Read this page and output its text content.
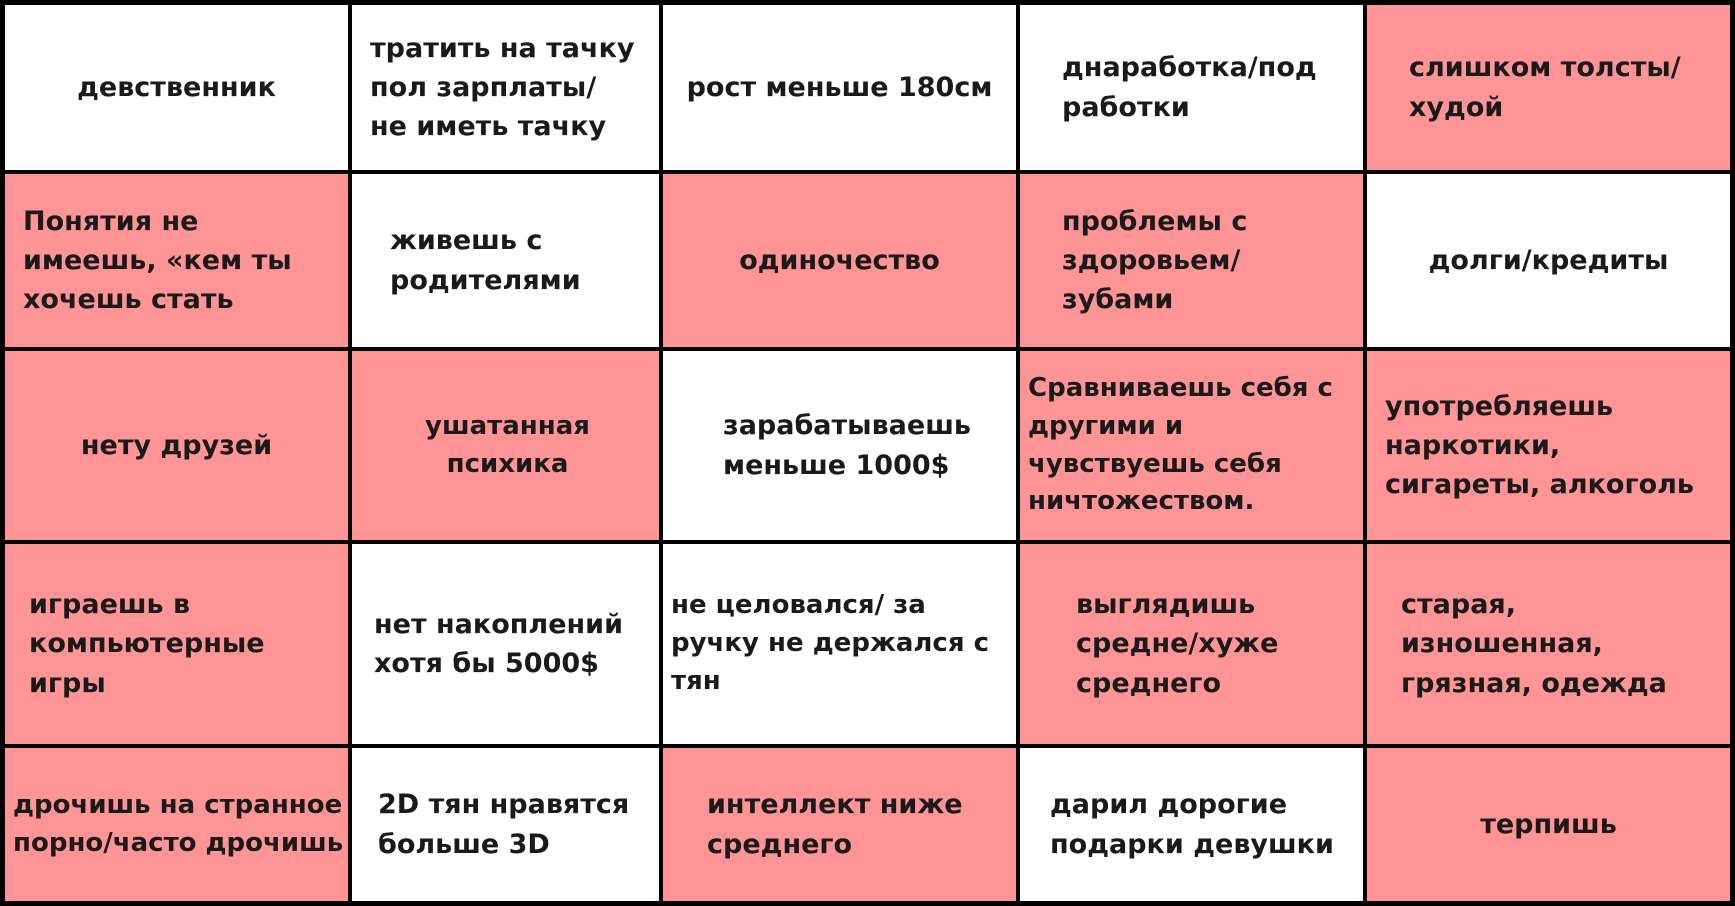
девственник
тратить на тачку пол зарплаты/ не иметь тачку
рост меньше 180см
днаработка/подработки
слишком толсты/худой
Понятия не имеешь, «кем ты хочешь стать
живешь с родителями
одиночество
проблемы с здоровьем/зубами
долги/кредиты
нету друзей
ушатанная психика
зарабатываешь меньше 1000$
Сравниваешь себя с другими и чувствуешь себя ничтожеством.
употребляешь наркотики, сигареты, алкоголь
играешь в компьютерные игры
нет накоплений хотя бы 5000$
не целовался/ за ручку не держался с тян
выглядишь средне/хуже среднего
старая, изношенная, грязная, одежда
дрочишь на странное порно/часто дрочишь
2D тян нравятся больше 3D
интеллект ниже среднего
дарил дорогие подарки девушки
терпишь
